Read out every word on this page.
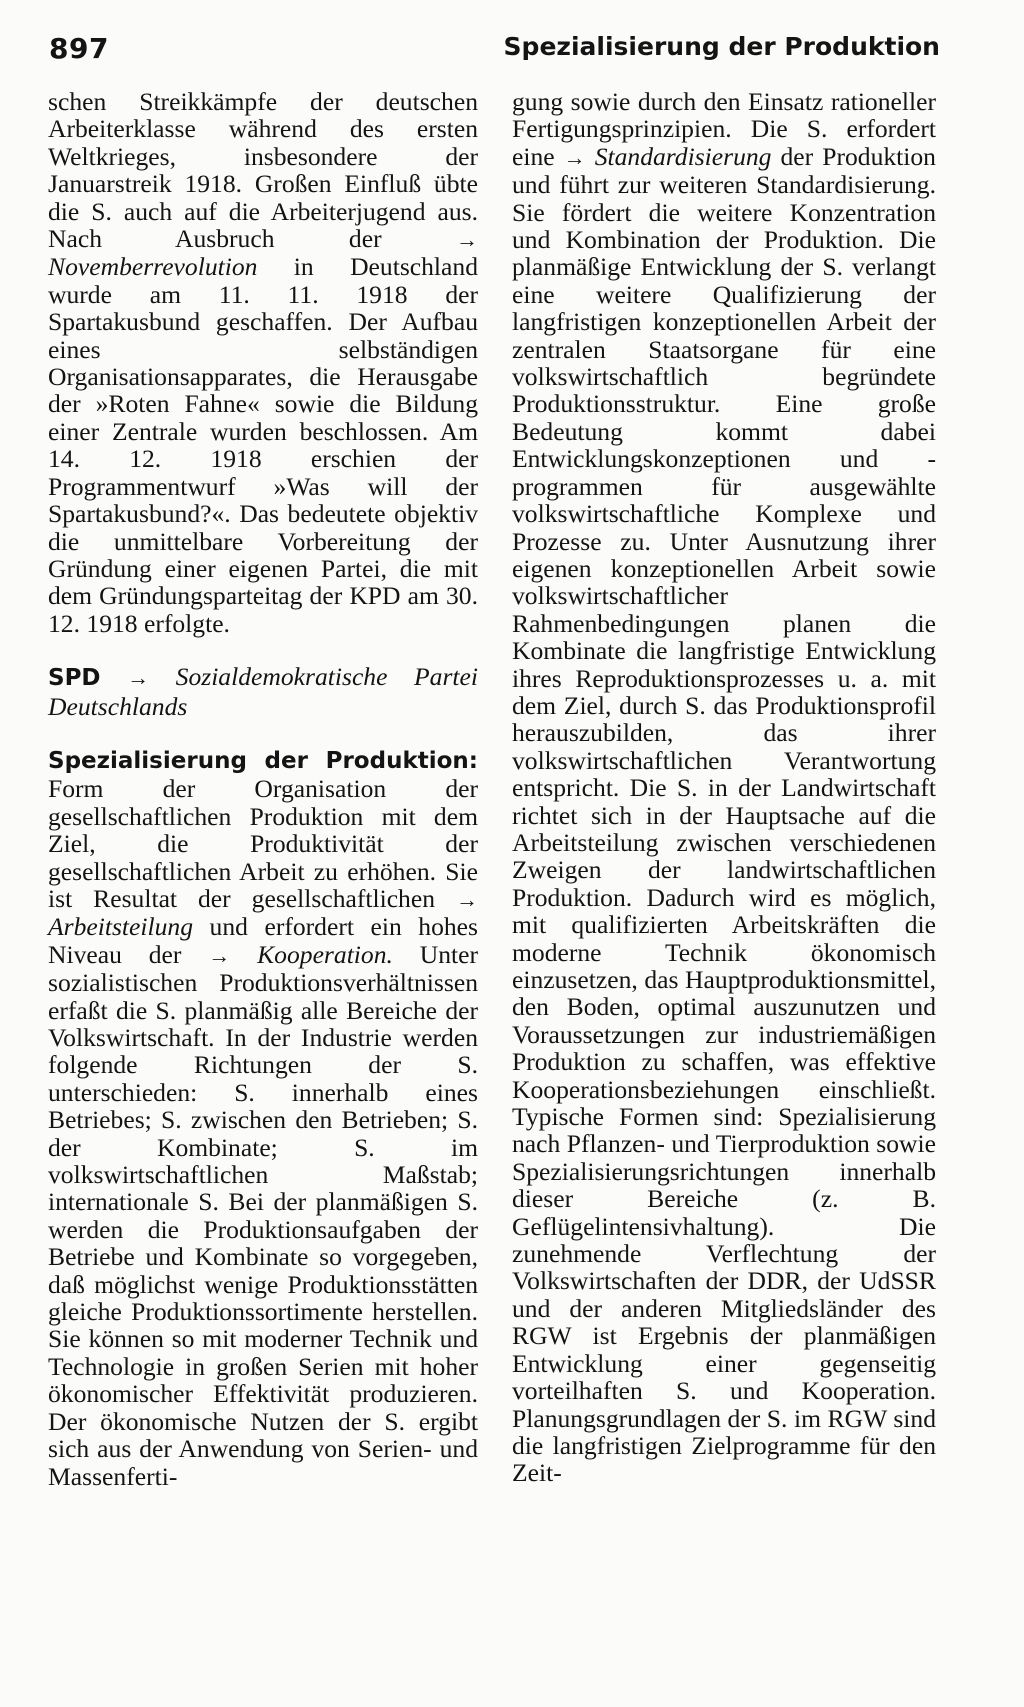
897	Spezialisierung der Produktion

schen Streikkämpfe der deutschen Arbeiterklasse während des ersten Weltkrieges, insbesondere der Januarstreik 1918. Großen Einfluß übte die S. auch auf die Arbeiterjugend aus. Nach Ausbruch der → Novemberrevolution in Deutschland wurde am 11. 11. 1918 der Spartakusbund geschaffen. Der Aufbau eines selbständigen Organisationsapparates, die Herausgabe der »Roten Fahne« sowie die Bildung einer Zentrale wurden beschlossen. Am 14. 12. 1918 erschien der Programmentwurf »Was will der Spartakusbund?«. Das bedeutete objektiv die unmittelbare Vorbereitung der Gründung einer eigenen Partei, die mit dem Gründungsparteitag der KPD am 30. 12. 1918 erfolgte.

SPD → Sozialdemokratische Partei Deutschlands

Spezialisierung der Produktion: Form der Organisation der gesellschaftlichen Produktion mit dem Ziel, die Produktivität der gesellschaftlichen Arbeit zu erhöhen. Sie ist Resultat der gesellschaftlichen → Arbeitsteilung und erfordert ein hohes Niveau der → Kooperation. Unter sozialistischen Produktionsverhältnissen erfaßt die S. planmäßig alle Bereiche der Volkswirtschaft. In der Industrie werden folgende Richtungen der S. unterschieden: S. innerhalb eines Betriebes; S. zwischen den Betrieben; S. der Kombinate; S. im volkswirtschaftlichen Maßstab; internationale S. Bei der planmäßigen S. werden die Produktionsaufgaben der Betriebe und Kombinate so vorgegeben, daß möglichst wenige Produktionsstätten gleiche Produktionssortimente herstellen. Sie können so mit moderner Technik und Technologie in großen Serien mit hoher ökonomischer Effektivität produzieren. Der ökonomische Nutzen der S. ergibt sich aus der Anwendung von Serien- und Massenferti-

gung sowie durch den Einsatz rationeller Fertigungsprinzipien. Die S. erfordert eine → Standardisierung der Produktion und führt zur weiteren Standardisierung. Sie fördert die weitere Konzentration und Kombination der Produktion. Die planmäßige Entwicklung der S. verlangt eine weitere Qualifizierung der langfristigen konzeptionellen Arbeit der zentralen Staatsorgane für eine volkswirtschaftlich begründete Produktionsstruktur. Eine große Bedeutung kommt dabei Entwicklungskonzeptionen und -programmen für ausgewählte volkswirtschaftliche Komplexe und Prozesse zu. Unter Ausnutzung ihrer eigenen konzeptionellen Arbeit sowie volkswirtschaftlicher Rahmenbedingungen planen die Kombinate die langfristige Entwicklung ihres Reproduktionsprozesses u. a. mit dem Ziel, durch S. das Produktionsprofil herauszubilden, das ihrer volkswirtschaftlichen Verantwortung entspricht. Die S. in der Landwirtschaft richtet sich in der Hauptsache auf die Arbeitsteilung zwischen verschiedenen Zweigen der landwirtschaftlichen Produktion. Dadurch wird es möglich, mit qualifizierten Arbeitskräften die moderne Technik ökonomisch einzusetzen, das Hauptproduktionsmittel, den Boden, optimal auszunutzen und Voraussetzungen zur industriemäßigen Produktion zu schaffen, was effektive Kooperationsbeziehungen einschließt. Typische Formen sind: Spezialisierung nach Pflanzen- und Tierproduktion sowie Spezialisierungsrichtungen innerhalb dieser Bereiche (z. B. Geflügelintensivhaltung). Die zunehmende Verflechtung der Volkswirtschaften der DDR, der UdSSR und der anderen Mitgliedsländer des RGW ist Ergebnis der planmäßigen Entwicklung einer gegenseitig vorteilhaften S. und Kooperation. Planungsgrundlagen der S. im RGW sind die langfristigen Zielprogramme für den Zeit-
